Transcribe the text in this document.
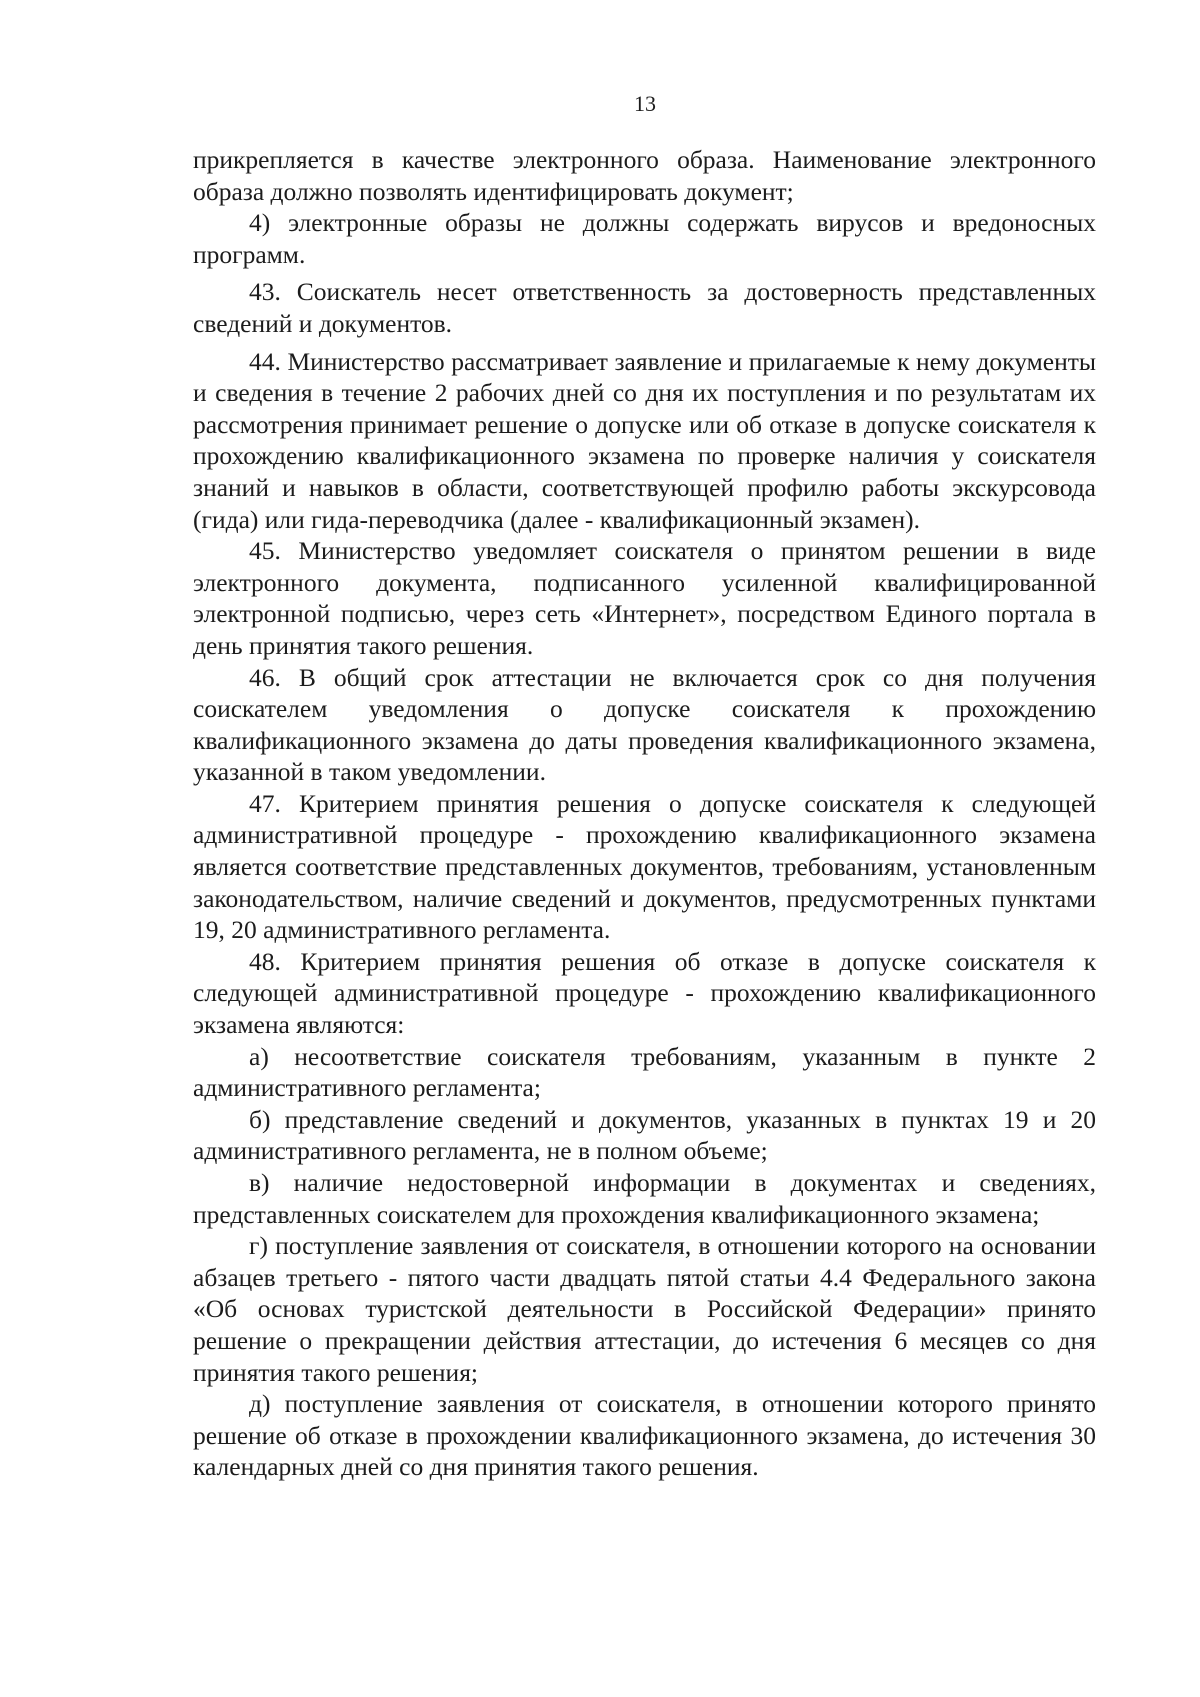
13

прикрепляется в качестве электронного образа. Наименование электронного образа должно позволять идентифицировать документ;

4) электронные образы не должны содержать вирусов и вредоносных программ.

43. Соискатель несет ответственность за достоверность представленных сведений и документов.

44. Министерство рассматривает заявление и прилагаемые к нему документы и сведения в течение 2 рабочих дней со дня их поступления и по результатам их рассмотрения принимает решение о допуске или об отказе в допуске соискателя к прохождению квалификационного экзамена по проверке наличия у соискателя знаний и навыков в области, соответствующей профилю работы экскурсовода (гида) или гида-переводчика (далее - квалификационный экзамен).

45. Министерство уведомляет соискателя о принятом решении в виде электронного документа, подписанного усиленной квалифицированной электронной подписью, через сеть «Интернет», посредством Единого портала в день принятия такого решения.

46. В общий срок аттестации не включается срок со дня получения соискателем уведомления о допуске соискателя к прохождению квалификационного экзамена до даты проведения квалификационного экзамена, указанной в таком уведомлении.

47. Критерием принятия решения о допуске соискателя к следующей административной процедуре - прохождению квалификационного экзамена является соответствие представленных документов, требованиям, установленным законодательством, наличие сведений и документов, предусмотренных пунктами 19, 20 административного регламента.

48. Критерием принятия решения об отказе в допуске соискателя к следующей административной процедуре - прохождению квалификационного экзамена являются:

а) несоответствие соискателя требованиям, указанным в пункте 2 административного регламента;

б) представление сведений и документов, указанных в пунктах 19 и 20 административного регламента, не в полном объеме;

в) наличие недостоверной информации в документах и сведениях, представленных соискателем для прохождения квалификационного экзамена;

г) поступление заявления от соискателя, в отношении которого на основании абзацев третьего - пятого части двадцать пятой статьи 4.4 Федерального закона «Об основах туристской деятельности в Российской Федерации» принято решение о прекращении действия аттестации, до истечения 6 месяцев со дня принятия такого решения;

д) поступление заявления от соискателя, в отношении которого принято решение об отказе в прохождении квалификационного экзамена, до истечения 30 календарных дней со дня принятия такого решения.
